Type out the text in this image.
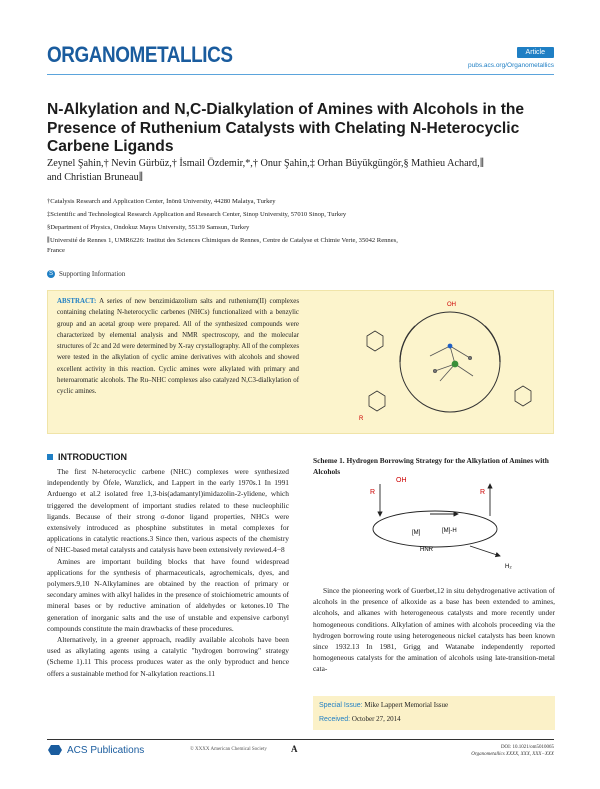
ORGANOMETALLICS	Article
pubs.acs.org/Organometallics
N-Alkylation and N,C-Dialkylation of Amines with Alcohols in the Presence of Ruthenium Catalysts with Chelating N-Heterocyclic Carbene Ligands
Zeynel Şahin,† Nevin Gürbüz,† İsmail Özdemir,*,† Onur Şahin,‡ Orhan Büyükgüngör,§ Mathieu Achard,∥
and Christian Bruneau∥
†Catalysis Research and Application Center, İnönü University, 44280 Malatya, Turkey
‡Scientific and Technological Research Application and Research Center, Sinop University, 57010 Sinop, Turkey
§Department of Physics, Ondokuz Mayıs University, 55139 Samsun, Turkey
∥Université de Rennes 1, UMR6226: Institut des Sciences Chimiques de Rennes, Centre de Catalyse et Chimie Verte, 35042 Rennes,
France
S Supporting Information

ABSTRACT: A series of new benzimidazolium salts and ruthenium(II) complexes containing chelating N-heterocyclic carbenes (NHCs) functionalized with a benzylic group and an acetal group were prepared. All of the synthesized compounds were characterized by elemental analysis and NMR spectroscopy, and the molecular structures of 2c and 2d were determined by X-ray crystallography. All of the complexes were tested in the alkylation of cyclic amine derivatives with alcohols and showed excellent activity in this reaction. Cyclic amines were alkylated with primary and heteroaromatic alcohols. The Ru–NHC complexes also catalyzed N,C3-dialkylation of cyclic amines.

OH
R
INTRODUCTION

The first N-heterocyclic carbene (NHC) complexes were synthesized independently by Öfele, Wanzlick, and Lappert in the early 1970s.1 In 1991 Arduengo et al.2 isolated free 1,3-bis(adamantyl)imidazolin-2-ylidene, which triggered the development of important studies related to these nucleophilic ligands. Because of their strong σ-donor ligand properties, NHCs were extensively introduced as phosphine substitutes in metal complexes for applications in catalytic reactions.3 Since then, various aspects of the chemistry of NHC-based metal catalysts and catalysis have been extensively reviewed.4−8

Amines are important building blocks that have found widespread applications for the synthesis of pharmaceuticals, agrochemicals, dyes, and polymers.9,10 N-Alkylamines are obtained by the reaction of primary or secondary amines with alkyl halides in the presence of stoichiometric amounts of mineral bases or by reductive amination of aldehydes or ketones.10 The generation of inorganic salts and the use of unstable and expensive carbonyl compounds constitute the main drawbacks of these procedures.

Alternatively, in a greener approach, readily available alcohols have been used as alkylating agents using a catalytic "hydrogen borrowing" strategy (Scheme 1).11 This process produces water as the only byproduct and hence offers a sustainable method for N-alkylation reactions.11

Scheme 1. Hydrogen Borrowing Strategy for the Alkylation of Amines with Alcohols
OH
R	R
[M]	[M]-H
HNR
H₂

Since the pioneering work of Guerbet,12 in situ dehydrogenative activation of alcohols in the presence of alkoxide as a base has been extended to amines, alcohols, and alkanes with heterogeneous catalysts and more recently under homogeneous conditions. Alkylation of amines with alcohols proceeding via the hydrogen borrowing route using heterogeneous nickel catalysts has been known since 1932.13 In 1981, Grigg and Watanabe independently reported homogeneous catalysts for the amination of alcohols using late-transition-metal cata-

Special Issue: Mike Lappert Memorial Issue
Received: October 27, 2014
ACS Publications	© XXXX American Chemical Society	A	DOI: 10.1021/om5010065
Organometallics XXXX, XXX, XXX−XXX
